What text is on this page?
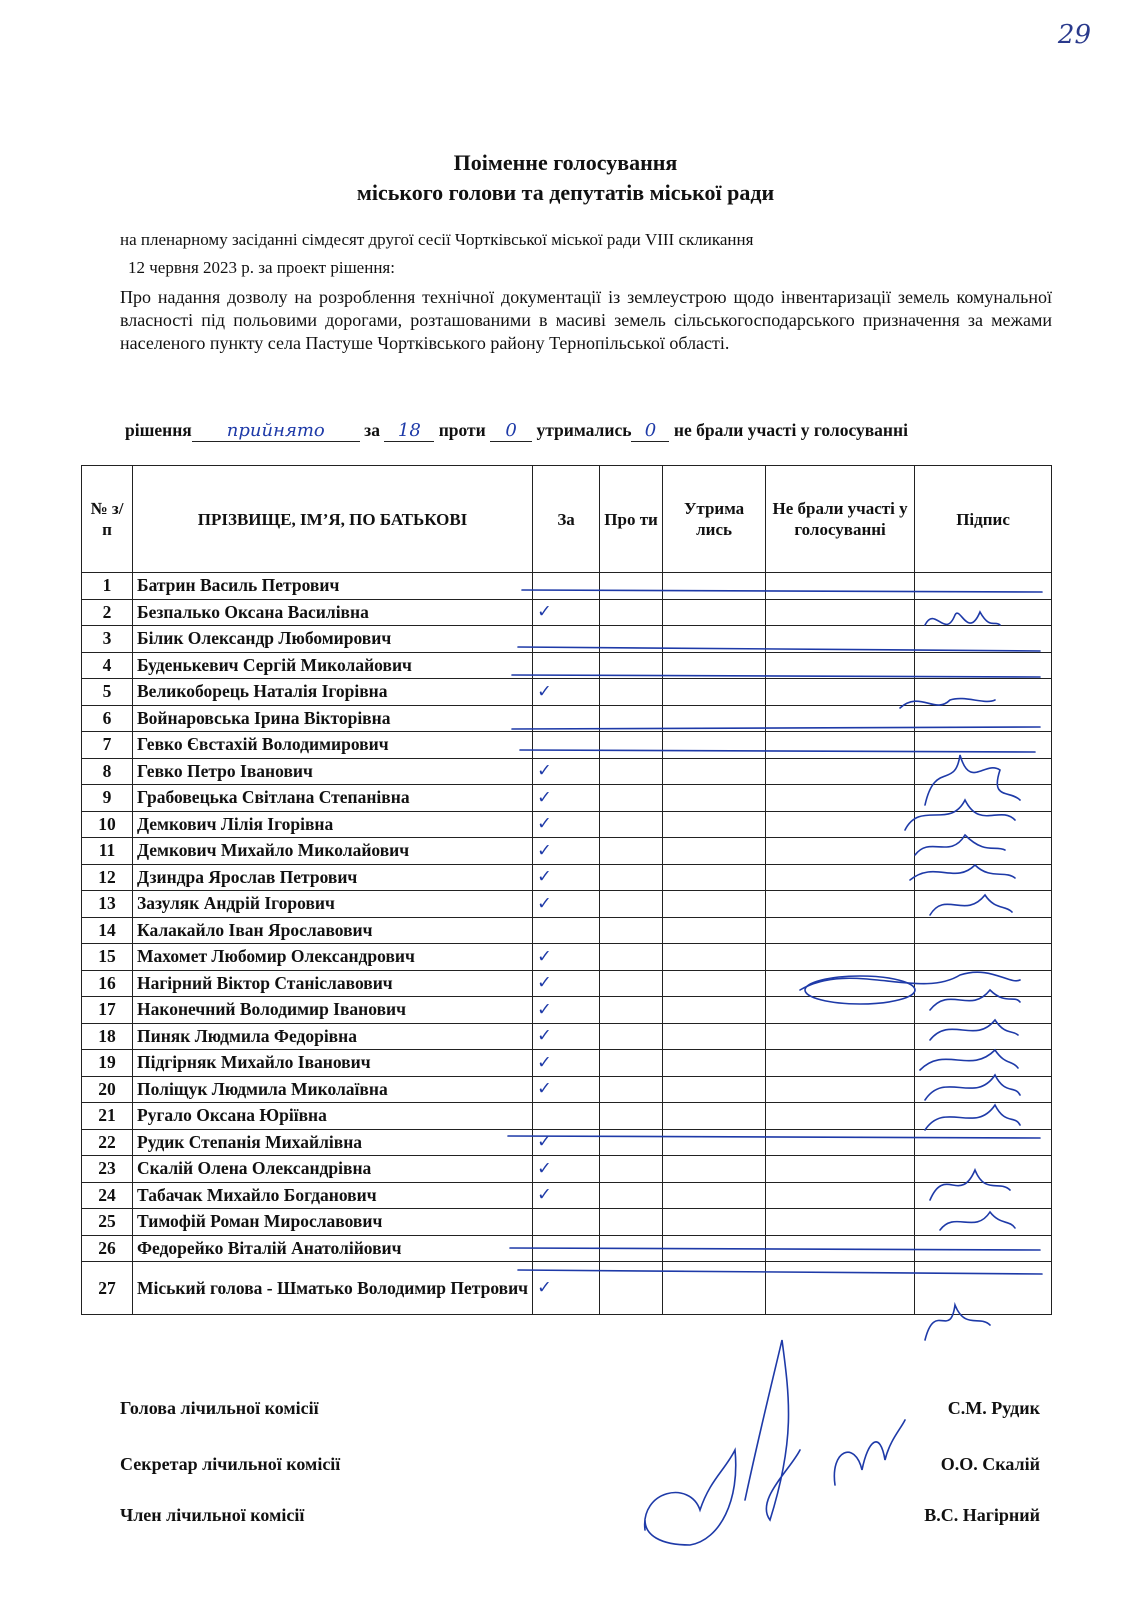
29
Поіменне голосування
міського голови та депутатів міської ради
на пленарному засіданні сімдесят другої сесії Чортківської міської ради VIII скликання
12 червня 2023 р. за проект рішення:
Про надання дозволу на розроблення технічної документації із землеустрою щодо інвентаризації земель комунальної власності під польовими дорогами, розташованими в масиві земель сільськогосподарського призначення за межами населеного пункту села Пастуше Чортківського району Тернопільської області.
рішення прийнято за 18 проти 0 утримались 0 не брали участі у голосуванні
№ з/п	ПРІЗВИЩЕ, ІМ’Я, ПО БАТЬКОВІ	За	Про ти	Утрима лись	Не брали участі у голосуванні	Підпис
1	Батрин Василь Петрович					
2	Безпалько Оксана Василівна	✓				
3	Білик Олександр Любомирович					
4	Буденькевич Сергій Миколайович					
5	Великоборець Наталія Ігорівна	✓				
6	Войнаровська Ірина Вікторівна					
7	Гевко Євстахій Володимирович					
8	Гевко Петро Іванович	✓				
9	Грабовецька Світлана Степанівна	✓				
10	Демкович Лілія Ігорівна	✓				
11	Демкович Михайло Миколайович	✓				
12	Дзиндра Ярослав Петрович	✓				
13	Зазуляк Андрій Ігорович	✓				
14	Калакайло Іван Ярославович					
15	Махомет Любомир Олександрович	✓				
16	Нагірний Віктор Станіславович	✓				
17	Наконечний Володимир Іванович	✓				
18	Пиняк Людмила Федорівна	✓				
19	Підгірняк Михайло Іванович	✓				
20	Поліщук Людмила Миколаївна	✓				
21	Ругало Оксана Юріївна					
22	Рудик Степанія Михайлівна	✓				
23	Скалій Олена Олександрівна	✓				
24	Табачак Михайло Богданович	✓				
25	Тимофій Роман Мирославович					
26	Федорейко Віталій Анатолійович					
27	Міський голова - Шматько Володимир Петрович	✓				
Голова лічильної комісії	С.М. Рудик
Секретар лічильної комісії	О.О. Скалій
Член лічильної комісії	В.С. Нагірний
